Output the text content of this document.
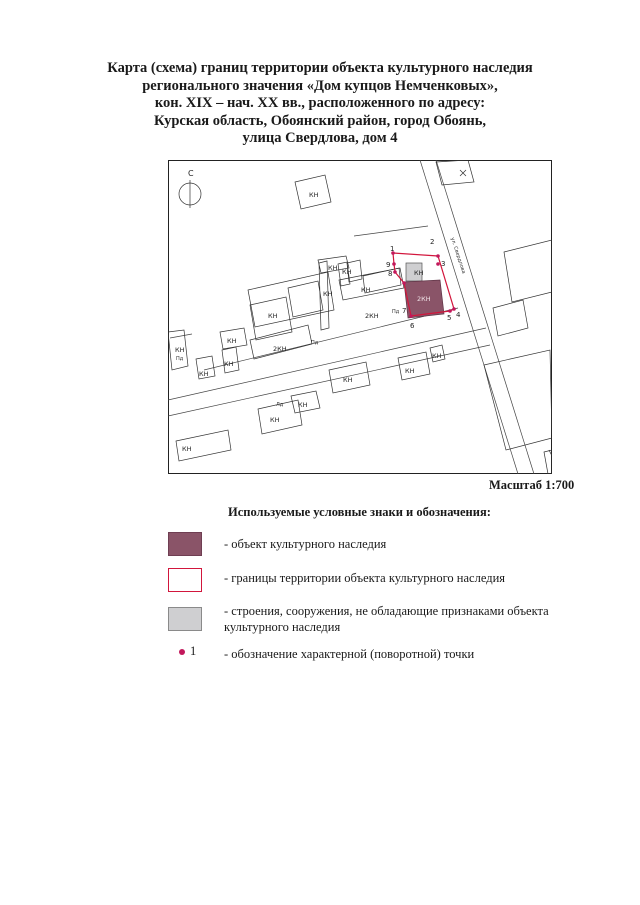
Карта (схема) границ территории объекта культурного наследия
регионального значения «Дом купцов Немченковых»,
кон. XIX – нач. XX вв., расположенного по адресу:
Курская область, Обоянский район, город Обоянь,
улица Свердлова, дом 4
С
1
2
3
4
5
6
7
8
9
КН
КН
КН КН
КН	КН
2КН
КН
2КН
КН
КН
КН
КН
КН
КН
КН
КН
КН
КН
2КН
Пд
Пд
Пд
Лд
ул. Свердлова
Масштаб 1:700
Используемые условные знаки и обозначения:
- объект культурного наследия
- границы территории объекта культурного наследия
- строения, сооружения, не обладающие признаками объекта культурного наследия
1 - обозначение характерной (поворотной) точки
